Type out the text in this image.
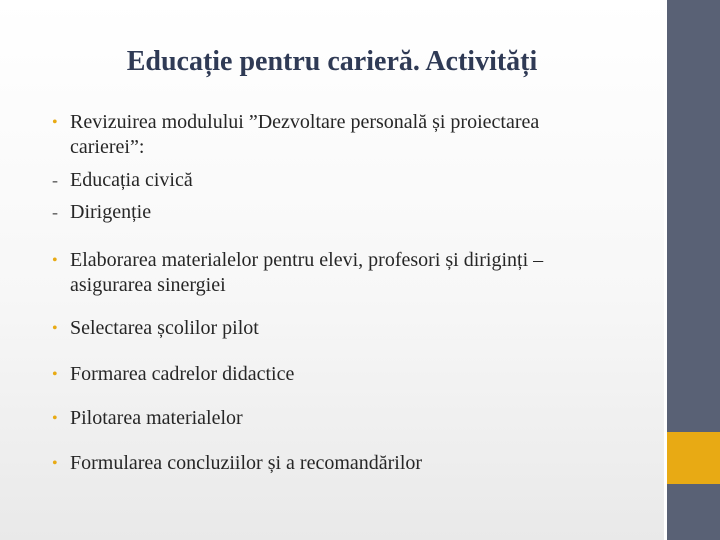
Educație pentru carieră. Activități
• Revizuirea modulului ”Dezvoltare personală și proiectarea carierei”:
- Educația civică
- Dirigenție
• Elaborarea materialelor pentru elevi, profesori și diriginți – asigurarea sinergiei
• Selectarea școlilor pilot
• Formarea cadrelor didactice
• Pilotarea materialelor
• Formularea concluziilor și a recomandărilor
